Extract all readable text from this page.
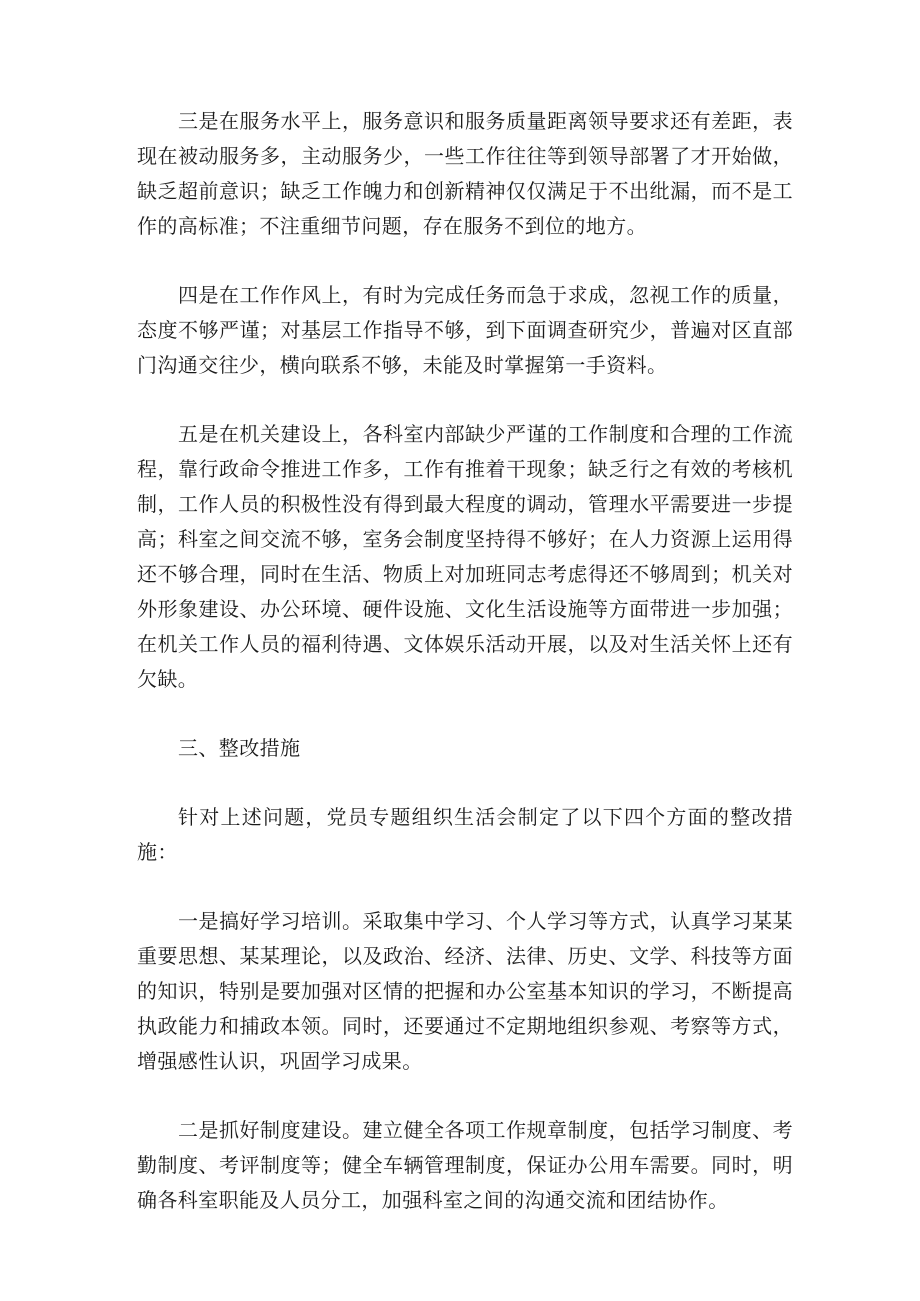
三是在服务水平上，服务意识和服务质量距离领导要求还有差距，表现在被动服务多，主动服务少，一些工作往往等到领导部署了才开始做，缺乏超前意识；缺乏工作魄力和创新精神仅仅满足于不出纰漏，而不是工作的高标准；不注重细节问题，存在服务不到位的地方。

四是在工作作风上，有时为完成任务而急于求成，忽视工作的质量，态度不够严谨；对基层工作指导不够，到下面调查研究少，普遍对区直部门沟通交往少，横向联系不够，未能及时掌握第一手资料。

五是在机关建设上，各科室内部缺少严谨的工作制度和合理的工作流程，靠行政命令推进工作多，工作有推着干现象；缺乏行之有效的考核机制，工作人员的积极性没有得到最大程度的调动，管理水平需要进一步提高；科室之间交流不够，室务会制度坚持得不够好；在人力资源上运用得还不够合理，同时在生活、物质上对加班同志考虑得还不够周到；机关对外形象建设、办公环境、硬件设施、文化生活设施等方面带进一步加强；在机关工作人员的福利待遇、文体娱乐活动开展，以及对生活关怀上还有欠缺。

三、整改措施

针对上述问题，党员专题组织生活会制定了以下四个方面的整改措施：

一是搞好学习培训。采取集中学习、个人学习等方式，认真学习某某重要思想、某某理论，以及政治、经济、法律、历史、文学、科技等方面的知识，特别是要加强对区情的把握和办公室基本知识的学习，不断提高执政能力和捕政本领。同时，还要通过不定期地组织参观、考察等方式，增强感性认识，巩固学习成果。

二是抓好制度建设。建立健全各项工作规章制度，包括学习制度、考勤制度、考评制度等；健全车辆管理制度，保证办公用车需要。同时，明确各科室职能及人员分工，加强科室之间的沟通交流和团结协作。
